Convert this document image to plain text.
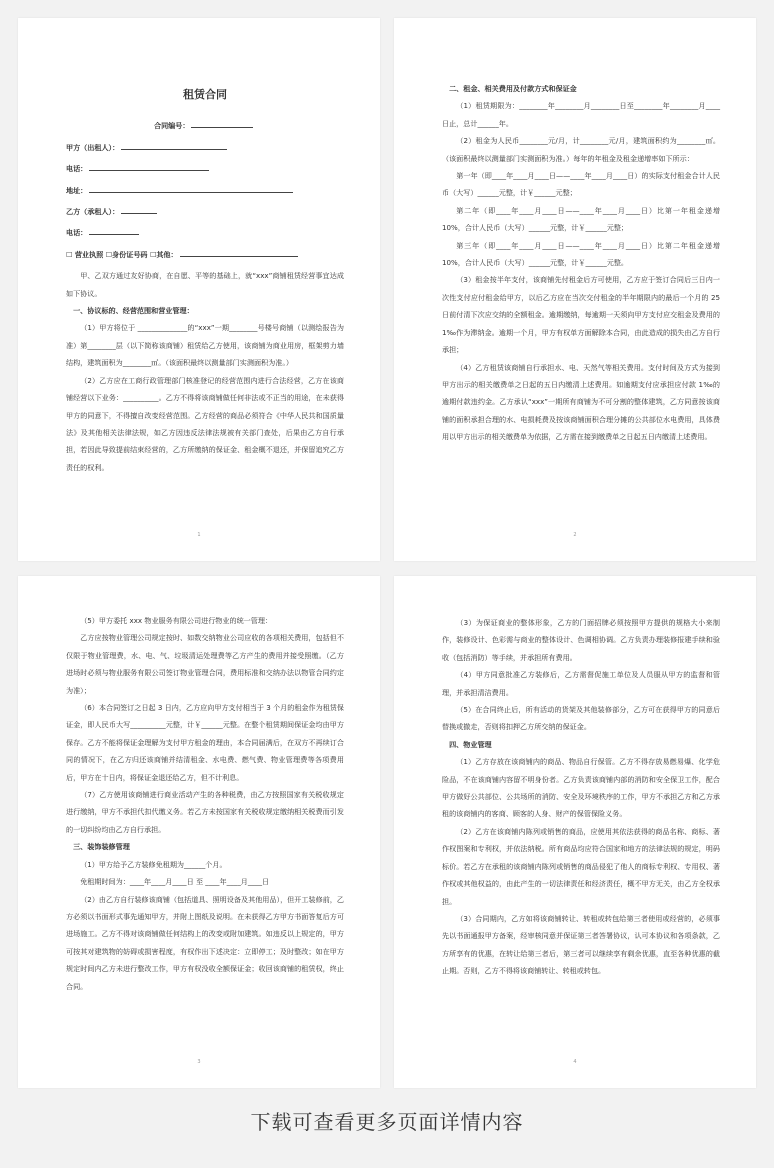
租赁合同

合同编号：

甲方（出租人）：

电话：

地址：

乙方（承租人）：

电话：

☐ 营业执照 ☐身份证号码 ☐其他：

甲、乙双方通过友好协商，在自愿、平等的基础上，就“xxx”商铺租赁经营事宜达成如下协议。

一、协议标的、经营范围和营业管理：

（1）甲方将位于 ______________的“xxx”一期________号楼号商铺（以测绘报告为准）第________层（以下简称该商铺）租赁给乙方使用，该商铺为商业用房，框架剪力墙结构，建筑面积为________㎡。（该面积最终以测量部门实测面积为准。）

（2）乙方应在工商行政管理部门核准登记的经营范围内进行合法经营，乙方在该商铺经营以下业务：__________。乙方不得将该商铺做任何非法或不正当的用途，在未获得甲方的同意下，不得擅自改变经营范围。乙方经营的商品必须符合《中华人民共和国质量法》及其他相关法律法规，如乙方因违反法律法规被有关部门查处，后果由乙方自行承担，若因此导致提前结束经营的，乙方所缴纳的保证金、租金概不退还，并保留追究乙方责任的权利。

1

二、租金、相关费用及付款方式和保证金

（1）租赁期限为：________年________月________日至________年________月____日止，总计______年。

（2）租金为人民币________元/月，计________元/月，建筑面积约为________㎡。（该面积最终以测量部门实测面积为准。）每年的年租金及租金递增率如下所示：

第一年（即____年____月____日——____年____月____日）的实际支付租金合计人民币（大写）______元整，计￥______元整；

第二年（即____年____月____日——____年____月____日）比第一年租金递增 10%，合计人民币（大写）______元整，计￥______元整；

第三年（即____年____月____日——____年____月____日）比第二年租金递增 10%，合计人民币（大写）______元整，计￥______元整。

（3）租金按半年支付，该商铺先付租金后方可使用，乙方应于签订合同后三日内一次性支付应付租金给甲方，以后乙方应在当次交付租金的半年期限内的最后一个月的 25 日前付清下次应交纳的全额租金。逾期缴纳，每逾期一天须向甲方支付应交租金及费用的 1‰作为滞纳金。逾期一个月，甲方有权单方面解除本合同，由此造成的损失由乙方自行承担；

（4）乙方租赁该商铺自行承担水、电、天然气等相关费用。支付时间及方式为接到甲方出示的相关缴费单之日起的五日内缴清上述费用。如逾期支付应承担应付款 1‰的逾期付款违约金。乙方承认“xxx”一期所有商铺为不可分割的整体建筑，乙方同意按该商铺的面积承担合理的水、电损耗费及按该商铺面积合理分摊的公共部位水电费用，具体费用以甲方出示的相关缴费单为依据，乙方需在接到缴费单之日起五日内缴清上述费用。

2

（5）甲方委托 xxx 物业服务有限公司进行物业的统一管理：

乙方应按物业管理公司规定按时、如数交纳物业公司应收的各项相关费用，包括但不仅限于物业管理费，水、电、气、垃圾清运处理费等乙方产生的费用并接受照缴。（乙方进场时必须与物业服务有限公司签订物业管理合同，费用标准和交纳办法以物管合同约定为准）；

（6）本合同签订之日起 3 日内，乙方应向甲方支付相当于 3 个月的租金作为租赁保证金，即人民币大写__________元整，计￥______元整。在整个租赁期间保证金均由甲方保存。乙方不能将保证金理解为支付甲方租金的理由，本合同届满后，在双方不再续订合同的情况下，在乙方归还该商铺并结清租金、水电费、燃气费、物业管理费等各项费用后，甲方在十日内，将保证金退还给乙方，但不计利息。

（7）乙方使用该商铺进行商业活动产生的各种税费，由乙方按照国家有关税收规定进行缴纳，甲方不承担代扣代缴义务。若乙方未按国家有关税收规定缴纳相关税费而引发的一切纠纷均由乙方自行承担。

三、装饰装修管理

（1）甲方给予乙方装修免租期为______个月。

免租期时间为：____年____月____日 至 ____年____月____日

（2）由乙方自行装修该商铺（包括道具、照明设备及其他用品），但开工装修前，乙方必须以书面形式事先通知甲方，并附上图纸及说明。在未获得乙方甲方书面答复后方可进场施工。乙方不得对该商铺做任何结构上的改变或附加建筑。如违反以上规定的，甲方可按其对建筑物的妨碍或损害程度，有权作出下述决定：立即停工；及时整改；如在甲方规定时间内乙方未进行整改工作，甲方有权没收全额保证金；收回该商铺的租赁权，终止合同。

3

（3）为保证商业的整体形象，乙方的门面招牌必须按照甲方提供的规格大小来制作，装修设计、色彩需与商业的整体设计、色调相协调。乙方负责办理装修报建手续和验收（包括消防）等手续，并承担所有费用。

（4）甲方同意批准乙方装修后，乙方需督促施工单位及人员服从甲方的监督和管理，并承担清洁费用。

（5）在合同终止后，所有活动的货架及其他装修部分，乙方可在获得甲方的同意后替换或撤走，否则将扣押乙方所交纳的保证金。

四、物业管理

（1）乙方存放在该商铺内的商品、物品自行保管。乙方不得存放易燃易爆、化学危险品，不在该商铺内容留不明身份者。乙方负责该商铺内部的消防和安全保卫工作，配合甲方做好公共部位、公共场所的消防、安全及环境秩序的工作，甲方不承担乙方和乙方承租的该商铺内的客商、顾客的人身、财产的保管保险义务。

（2）乙方在该商铺内陈列或销售的商品，应使用其依法获得的商品名称、商标、著作权图案和专利权，并依法纳税。所有商品均应符合国家和地方的法律法规的规定，明码标价。若乙方在承租的该商铺内陈列或销售的商品侵犯了他人的商标专利权、专用权、著作权或其他权益的，由此产生的一切法律责任和经济责任，概不甲方无关，由乙方全权承担。

（3）合同期内，乙方如将该商铺转让、转租或转包给第三者使用或经营的，必须事先以书面通报甲方备案，经审核同意并保证第三者答署协议，认可本协议和各项条款，乙方所享有的优惠，在转让给第三者后，第三者可以继续享有剩余优惠，直至各种优惠的截止期。否则，乙方不得将该商铺转让、转租或转包。

4
下载可查看更多页面详情内容
